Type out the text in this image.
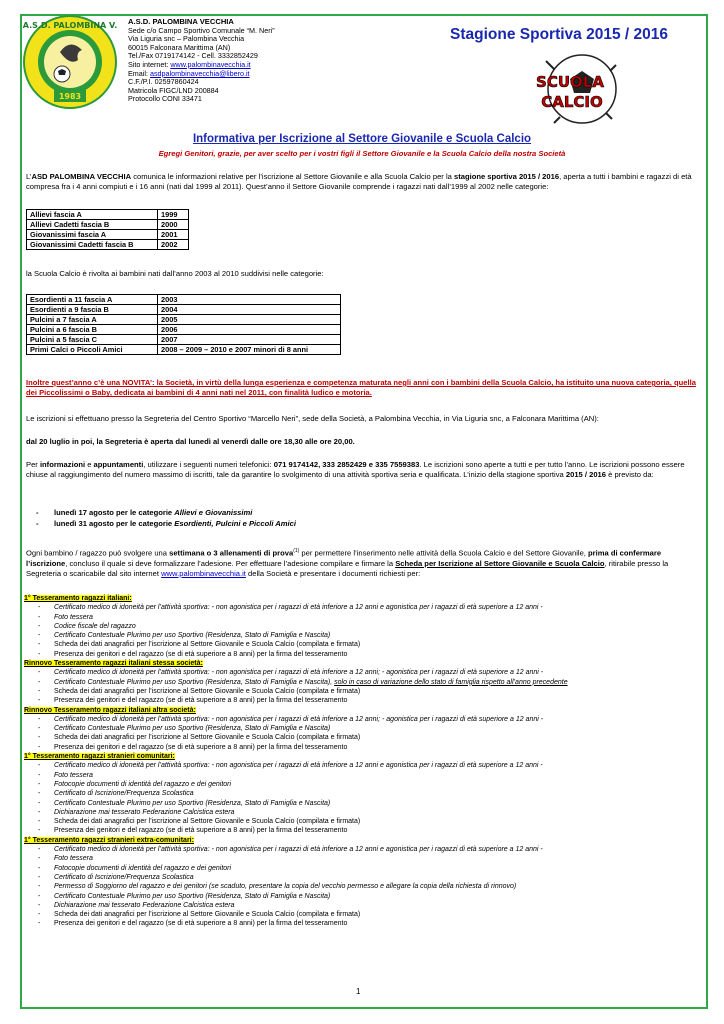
A.S.D. PALOMBINA V.
1983
A.S.D. PALOMBINA VECCHIA
Sede c/o Campo Sportivo Comunale “M. Neri”
Via Liguria snc – Palombina Vecchia
60015 Falconara Marittima (AN)
Tel./Fax 0719174142 - Cell. 3332852429
Sito internet: www.palombinavecchia.it
Email: asdpalombinavecchia@libero.it
C.F./P.I. 02597860424
Matricola FIGC/LND 200884
Protocollo CONI 33471
Stagione Sportiva 2015 / 2016
SCUOLA
CALCIO
Informativa per Iscrizione al Settore Giovanile e Scuola Calcio
Egregi Genitori, grazie, per aver scelto per i vostri figli il Settore Giovanile e la Scuola Calcio della nostra Società
L’ASD PALOMBINA VECCHIA comunica le informazioni relative per l’iscrizione al Settore Giovanile e alla Scuola Calcio per la stagione sportiva 2015 / 2016, aperta a tutti i bambini e ragazzi di età compresa fra i 4 anni compiuti e i 16 anni (nati dal 1999 al 2011). Quest’anno il Settore Giovanile comprende i ragazzi nati dall’1999 al 2002 nelle categorie:
Allievi fascia A	1999
Allievi Cadetti fascia B	2000
Giovanissimi fascia A	2001
Giovanissimi Cadetti fascia B	2002
la Scuola Calcio è rivolta ai bambini nati dall’anno 2003 al 2010 suddivisi nelle categorie:
Esordienti a 11 fascia A	2003
Esordienti a 9 fascia B	2004
Pulcini a 7 fascia A	2005
Pulcini a 6 fascia B	2006
Pulcini a 5 fascia C	2007
Primi Calci o Piccoli Amici	2008 – 2009 – 2010 e 2007 minori di 8 anni
Inoltre quest’anno c’è una NOVITA’: la Società, in virtù della lunga esperienza e competenza maturata negli anni con i bambini della Scuola Calcio, ha istituito una nuova categoria, quella dei Piccolissimi o Baby, dedicata ai bambini di 4 anni nati nel 2011, con finalità ludico e motoria.
Le iscrizioni si effettuano presso la Segreteria del Centro Sportivo “Marcello Neri”, sede della Società, a Palombina Vecchia, in Via Liguria snc, a Falconara Marittima (AN):
dal 20 luglio in poi, la Segreteria è aperta dal lunedì al venerdì dalle ore 18,30 alle ore 20,00.
Per informazioni e appuntamenti, utilizzare i seguenti numeri telefonici: 071 9174142, 333 2852429 e 335 7559383. Le iscrizioni sono aperte a tutti e per tutto l’anno. Le iscrizioni possono essere chiuse al raggiungimento del numero massimo di iscritti, tale da garantire lo svolgimento di una attività sportiva seria e qualificata. L’inizio della stagione sportiva 2015 / 2016 è previsto da:
- lunedì 17 agosto per le categorie Allievi e Giovanissimi
- lunedì 31 agosto per le categorie Esordienti, Pulcini e Piccoli Amici
Ogni bambino / ragazzo può svolgere una settimana o 3 allenamenti di prova$^{(1)}$ per permettere l’inserimento nelle attività della Scuola Calcio e del Settore Giovanile, prima di confermare l’iscrizione, concluso il quale si deve formalizzare l’adesione. Per effettuare l’adesione compilare e firmare la Scheda per Iscrizione al Settore Giovanile e Scuola Calcio, ritirabile presso la Segreteria o scaricabile dal sito internet www.palombinavecchia.it della Società e presentare i documenti richiesti per:
1° Tesseramento ragazzi italiani:
- Certificato medico di idoneità per l’attività sportiva: - non agonistica per i ragazzi di età inferiore a 12 anni e agonistica per i ragazzi di età superiore a 12 anni -
- Foto tessera
- Codice fiscale del ragazzo
- Certificato Contestuale Plurimo per uso Sportivo (Residenza, Stato di Famiglia e Nascita)
- Scheda dei dati anagrafici per l’iscrizione al Settore Giovanile e Scuola Calcio (compilata e firmata)
- Presenza dei genitori e del ragazzo (se di età superiore a 8 anni) per la firma del tesseramento
Rinnovo Tesseramento ragazzi italiani stessa società:
- Certificato medico di idoneità per l’attività sportiva: - non agonistica per i ragazzi di età inferiore a 12 anni; - agonistica per i ragazzi di età superiore a 12 anni -
- Certificato Contestuale Plurimo per uso Sportivo (Residenza, Stato di Famiglia e Nascita), solo in caso di variazione dello stato di famiglia rispetto all’anno precedente
- Scheda dei dati anagrafici per l’iscrizione al Settore Giovanile e Scuola Calcio (compilata e firmata)
- Presenza dei genitori e del ragazzo (se di età superiore a 8 anni) per la firma del tesseramento
Rinnovo Tesseramento ragazzi italiani altra società:
- Certificato medico di idoneità per l’attività sportiva: - non agonistica per i ragazzi di età inferiore a 12 anni; - agonistica per i ragazzi di età superiore a 12 anni -
- Certificato Contestuale Plurimo per uso Sportivo (Residenza, Stato di Famiglia e Nascita)
- Scheda dei dati anagrafici per l’iscrizione al Settore Giovanile e Scuola Calcio (compilata e firmata)
- Presenza dei genitori e del ragazzo (se di età superiore a 8 anni) per la firma del tesseramento
1° Tesseramento ragazzi stranieri comunitari:
- Certificato medico di idoneità per l’attività sportiva: - non agonistica per i ragazzi di età inferiore a 12 anni e agonistica per i ragazzi di età superiore a 12 anni -
- Foto tessera
- Fotocopie documenti di identità del ragazzo e dei genitori
- Certificato di Iscrizione/Frequenza Scolastica
- Certificato Contestuale Plurimo per uso Sportivo (Residenza, Stato di Famiglia e Nascita)
- Dichiarazione mai tesserato Federazione Calcistica estera
- Scheda dei dati anagrafici per l’iscrizione al Settore Giovanile e Scuola Calcio (compilata e firmata)
- Presenza dei genitori e del ragazzo (se di età superiore a 8 anni) per la firma del tesseramento
1° Tesseramento ragazzi stranieri extra-comunitari:
- Certificato medico di idoneità per l’attività sportiva: - non agonistica per i ragazzi di età inferiore a 12 anni e agonistica per i ragazzi di età superiore a 12 anni -
- Foto tessera
- Fotocopie documenti di identità del ragazzo e dei genitori
- Certificato di Iscrizione/Frequenza Scolastica
- Permesso di Soggiorno del ragazzo e dei genitori (se scaduto, presentare la copia del vecchio permesso e allegare la copia della richiesta di rinnovo)
- Certificato Contestuale Plurimo per uso Sportivo (Residenza, Stato di Famiglia e Nascita)
- Dichiarazione mai tesserato Federazione Calcistica estera
- Scheda dei dati anagrafici per l’iscrizione al Settore Giovanile e Scuola Calcio (compilata e firmata)
- Presenza dei genitori e del ragazzo (se di età superiore a 8 anni) per la firma del tesseramento
1
